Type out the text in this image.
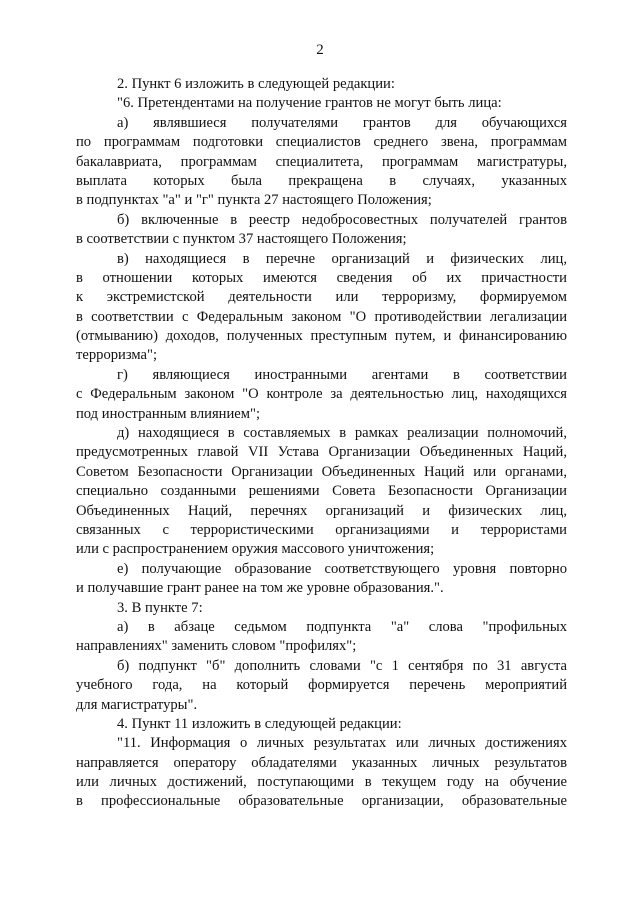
2
2. Пункт 6 изложить в следующей редакции:
"6. Претендентами на получение грантов не могут быть лица:
а) являвшиеся получателями грантов для обучающихся
по программам подготовки специалистов среднего звена, программам
бакалавриата, программам специалитета, программам магистратуры,
выплата которых была прекращена в случаях, указанных
в подпунктах "а" и "г" пункта 27 настоящего Положения;
б) включенные в реестр недобросовестных получателей грантов
в соответствии с пунктом 37 настоящего Положения;
в) находящиеся в перечне организаций и физических лиц,
в отношении которых имеются сведения об их причастности
к экстремистской деятельности или терроризму, формируемом
в соответствии с Федеральным законом "О противодействии легализации
(отмыванию) доходов, полученных преступным путем, и финансированию
терроризма";
г) являющиеся иностранными агентами в соответствии
с Федеральным законом "О контроле за деятельностью лиц, находящихся
под иностранным влиянием";
д) находящиеся в составляемых в рамках реализации полномочий,
предусмотренных главой VII Устава Организации Объединенных Наций,
Советом Безопасности Организации Объединенных Наций или органами,
специально созданными решениями Совета Безопасности Организации
Объединенных Наций, перечнях организаций и физических лиц,
связанных с террористическими организациями и террористами
или с распространением оружия массового уничтожения;
е) получающие образование соответствующего уровня повторно
и получавшие грант ранее на том же уровне образования.".
3. В пункте 7:
а) в абзаце седьмом подпункта "а" слова "профильных
направлениях" заменить словом "профилях";
б) подпункт "б" дополнить словами "с 1 сентября по 31 августа
учебного года, на который формируется перечень мероприятий
для магистратуры".
4. Пункт 11 изложить в следующей редакции:
"11. Информация о личных результатах или личных достижениях
направляется оператору обладателями указанных личных результатов
или личных достижений, поступающими в текущем году на обучение
в профессиональные образовательные организации, образовательные
